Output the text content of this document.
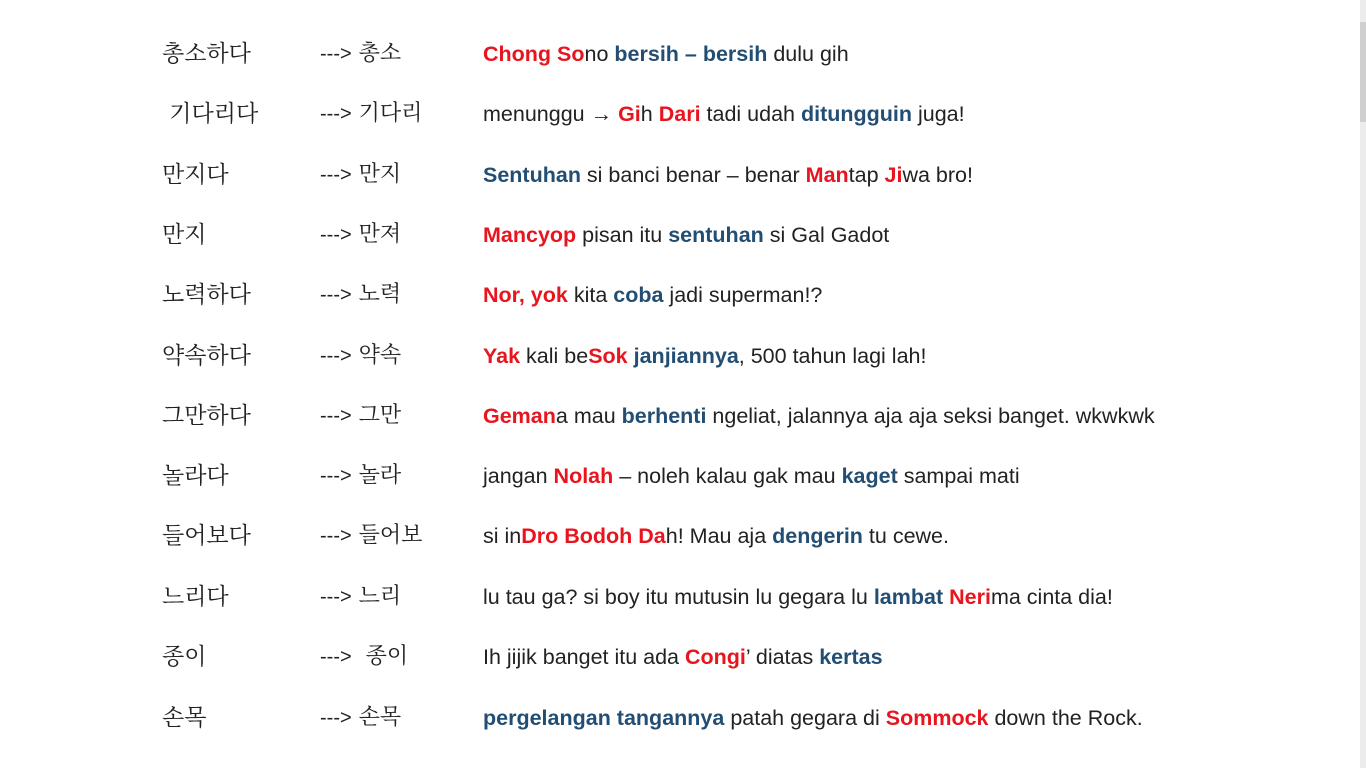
총소하다	---> 총소	Chong Sono bersih – bersih dulu gih
기다리다	---> 기다리	menunggu → Gih Dari tadi udah ditungguin juga!
만지다	---> 만지	Sentuhan si banci benar – benar Mantap Jiwa bro!
만지	---> 만져	Mancyop pisan itu sentuhan si Gal Gadot
노력하다	---> 노력	Nor, yok kita coba jadi superman!?
약속하다	---> 약속	Yak kali beSok janjiannya, 500 tahun lagi lah!
그만하다	---> 그만	Gemana mau berhenti ngeliat, jalannya aja aja seksi banget. wkwkwk
놀라다	---> 놀라	jangan Nolah – noleh kalau gak mau kaget sampai mati
들어보다	---> 들어보	si inDro Bodoh Dah! Mau aja dengerin tu cewe.
느리다	---> 느리	lu tau ga? si boy itu mutusin lu gegara lu lambat Nerima cinta dia!
종이	--->  종이	Ih jijik banget itu ada Congi’ diatas kertas
손목	---> 손목	pergelangan tangannya patah gegara di Sommock down the Rock.
